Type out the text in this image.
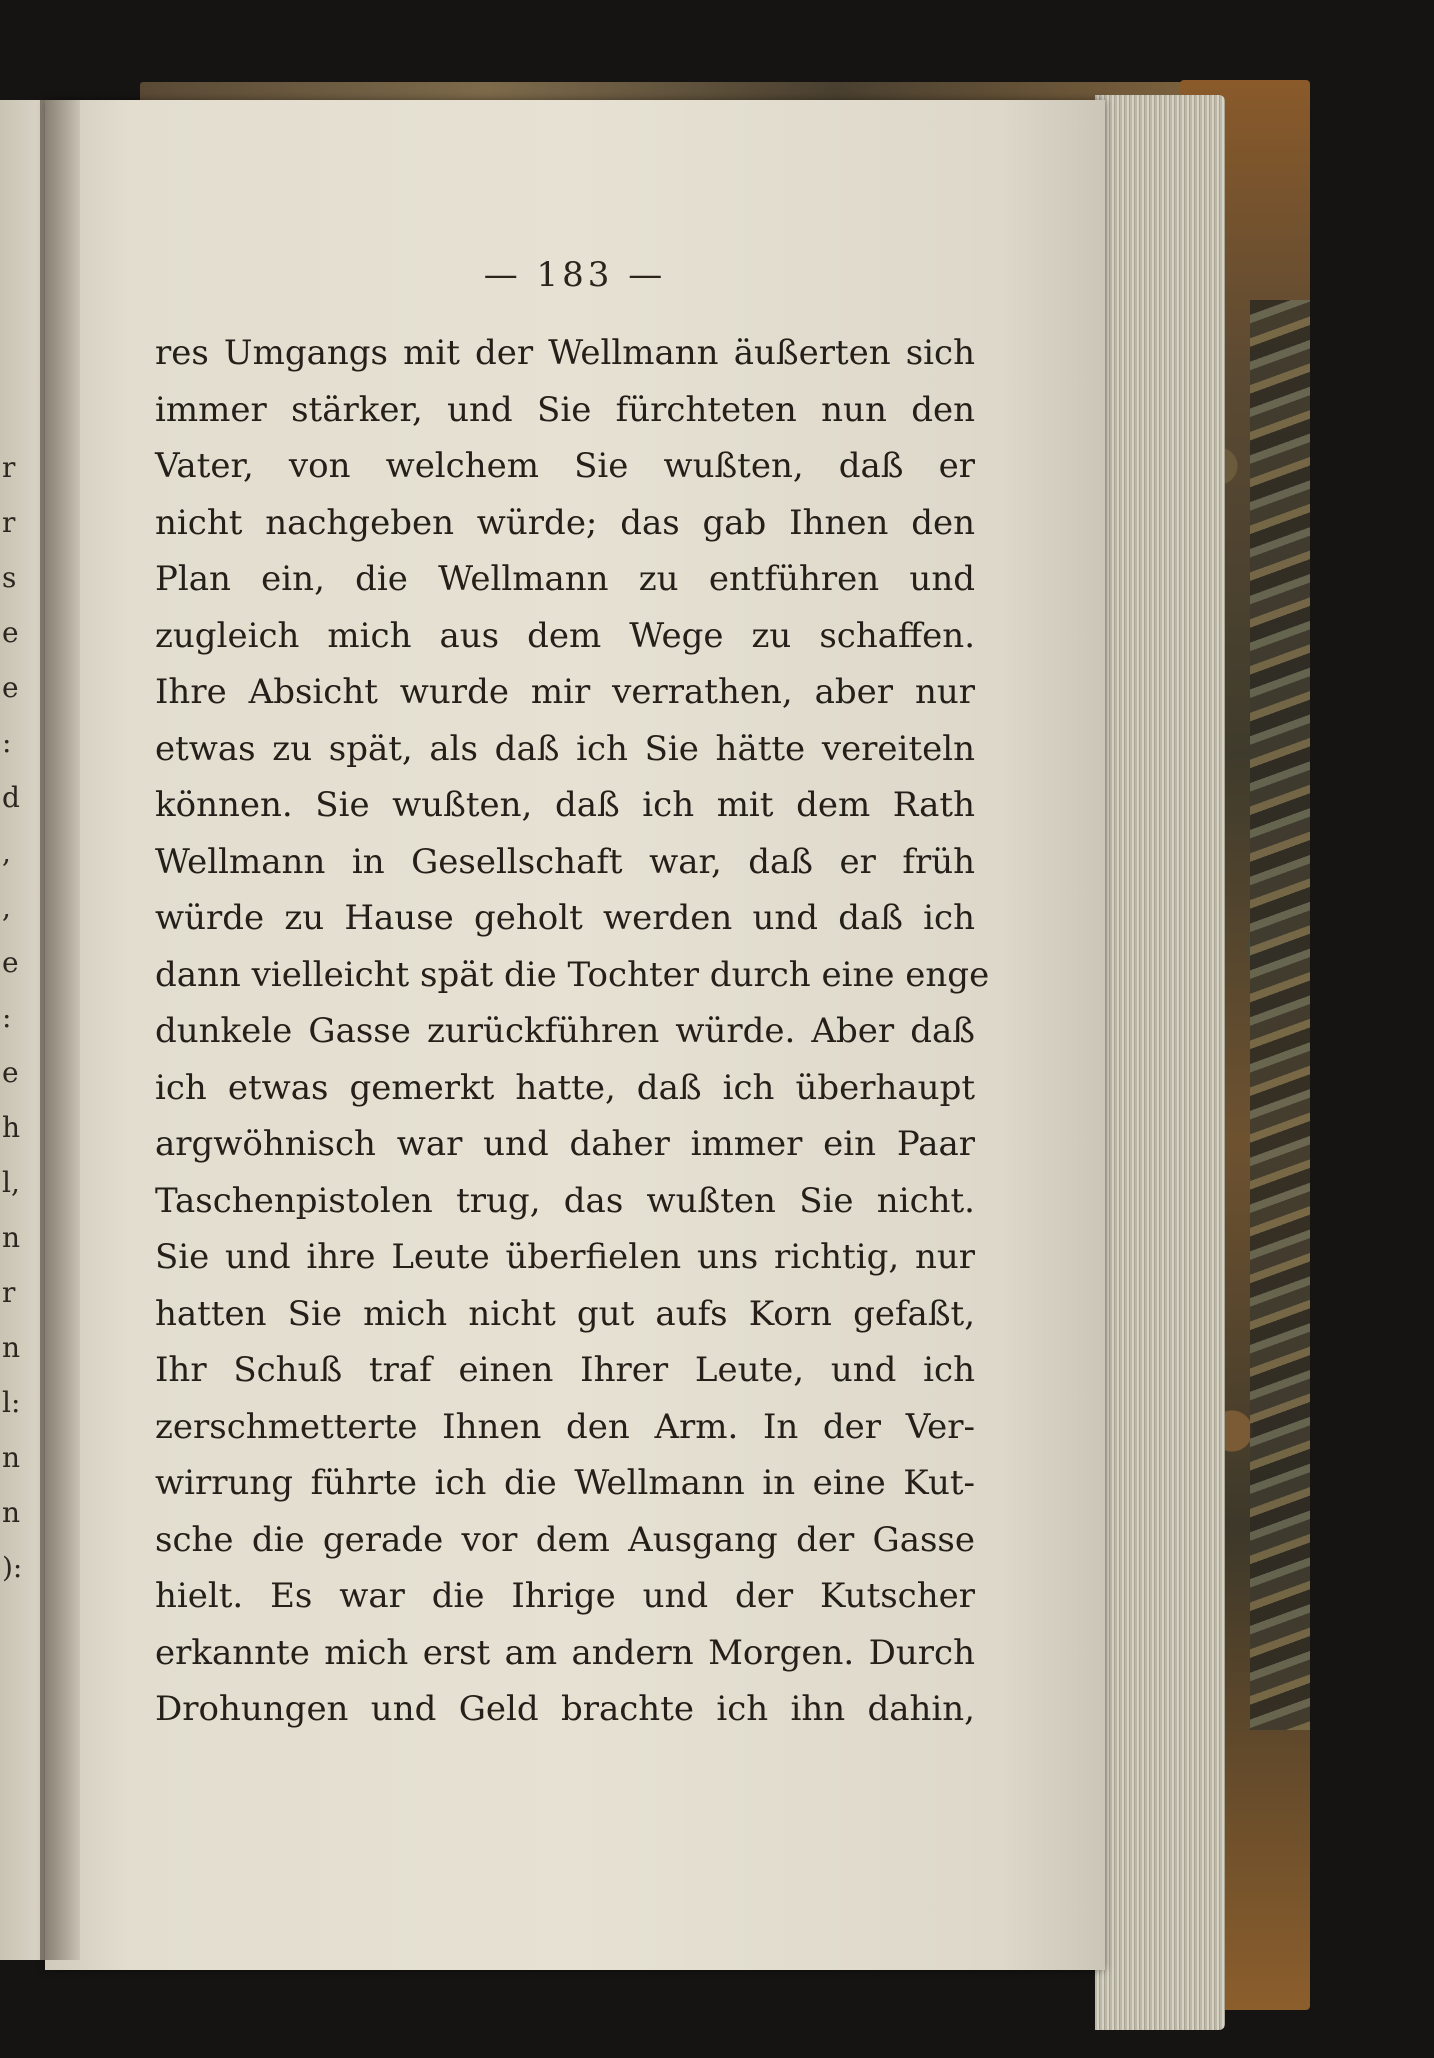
r
r
s
e
e
:
d
,
,
e
:
e
h
l,
n
r
n
l:
n
n
):
— 183 —
res Umgangs mit der Wellmann äußerten sich
immer stärker, und Sie fürchteten nun den
Vater, von welchem Sie wußten, daß er
nicht nachgeben würde; das gab Ihnen den
Plan ein, die Wellmann zu entführen und
zugleich mich aus dem Wege zu schaffen.
Ihre Absicht wurde mir verrathen, aber nur
etwas zu spät, als daß ich Sie hätte vereiteln
können. Sie wußten, daß ich mit dem Rath
Wellmann in Gesellschaft war, daß er früh
würde zu Hause geholt werden und daß ich
dann vielleicht spät die Tochter durch eine enge
dunkele Gasse zurückführen würde. Aber daß
ich etwas gemerkt hatte, daß ich überhaupt
argwöhnisch war und daher immer ein Paar
Taschenpistolen trug, das wußten Sie nicht.
Sie und ihre Leute überfielen uns richtig, nur
hatten Sie mich nicht gut aufs Korn gefaßt,
Ihr Schuß traf einen Ihrer Leute, und ich
zerschmetterte Ihnen den Arm. In der Ver-
wirrung führte ich die Wellmann in eine Kut-
sche die gerade vor dem Ausgang der Gasse
hielt. Es war die Ihrige und der Kutscher
erkannte mich erst am andern Morgen. Durch
Drohungen und Geld brachte ich ihn dahin,
